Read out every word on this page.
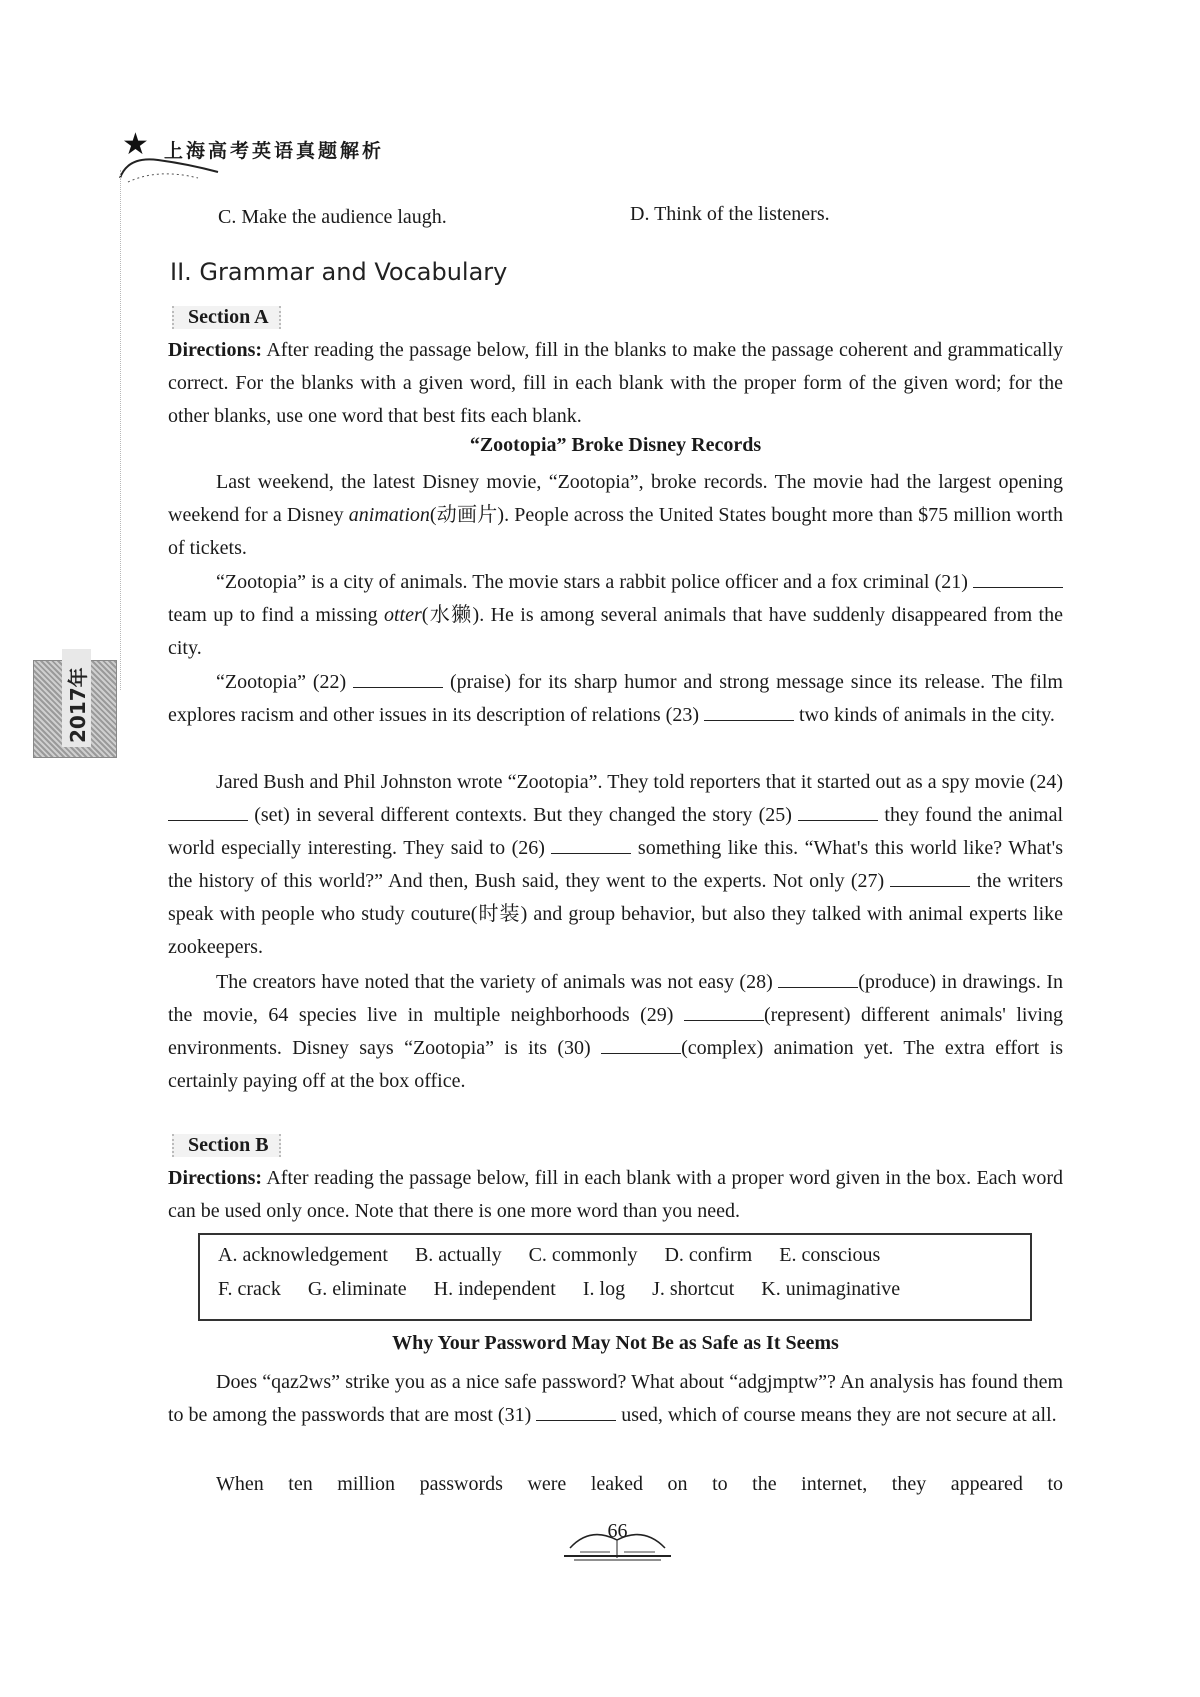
★ 上海高考英语真题解析
2017年
C. Make the audience laugh.	D. Think of the listeners.
II. Grammar and Vocabulary
Section A
Directions: After reading the passage below, fill in the blanks to make the passage coherent and grammatically correct. For the blanks with a given word, fill in each blank with the proper form of the given word; for the other blanks, use one word that best fits each blank.
“Zootopia” Broke Disney Records
Last weekend, the latest Disney movie, “Zootopia”, broke records. The movie had the largest opening weekend for a Disney animation(动画片). People across the United States bought more than $75 million worth of tickets.
“Zootopia” is a city of animals. The movie stars a rabbit police officer and a fox criminal (21)  team up to find a missing otter(水獭). He is among several animals that have suddenly disappeared from the city.
“Zootopia” (22)	(praise) for its sharp humor and strong message since its release. The film explores racism and other issues in its description of relations (23)	two kinds of animals in the city.
Jared Bush and Phil Johnston wrote “Zootopia”. They told reporters that it started out as a spy movie (24)  (set) in several different contexts. But they changed the story (25)	they found the animal world especially interesting. They said to (26)	something like this. “What's this world like? What's the history of this world?” And then, Bush said, they went to the experts. Not only (27)	the writers speak with people who study couture(时装) and group behavior, but also they talked with animal experts like zookeepers.
The creators have noted that the variety of animals was not easy (28)	(produce) in drawings. In the movie, 64 species live in multiple neighborhoods (29)	(represent) different animals' living environments. Disney says “Zootopia” is its (30)	(complex) animation yet. The extra effort is certainly paying off at the box office.
Section B
Directions: After reading the passage below, fill in each blank with a proper word given in the box. Each word can be used only once. Note that there is one more word than you need.
A. acknowledgement B. actually C. commonly D. confirm E. conscious
F. crack G. eliminate H. independent I. log J. shortcut K. unimaginative
Why Your Password May Not Be as Safe as It Seems
Does “qaz2ws” strike you as a nice safe password? What about “adgjmptw”? An analysis has found them to be among the passwords that are most (31)	used, which of course means they are not secure at all.
When ten million passwords were leaked on to the internet, they appeared to
66
